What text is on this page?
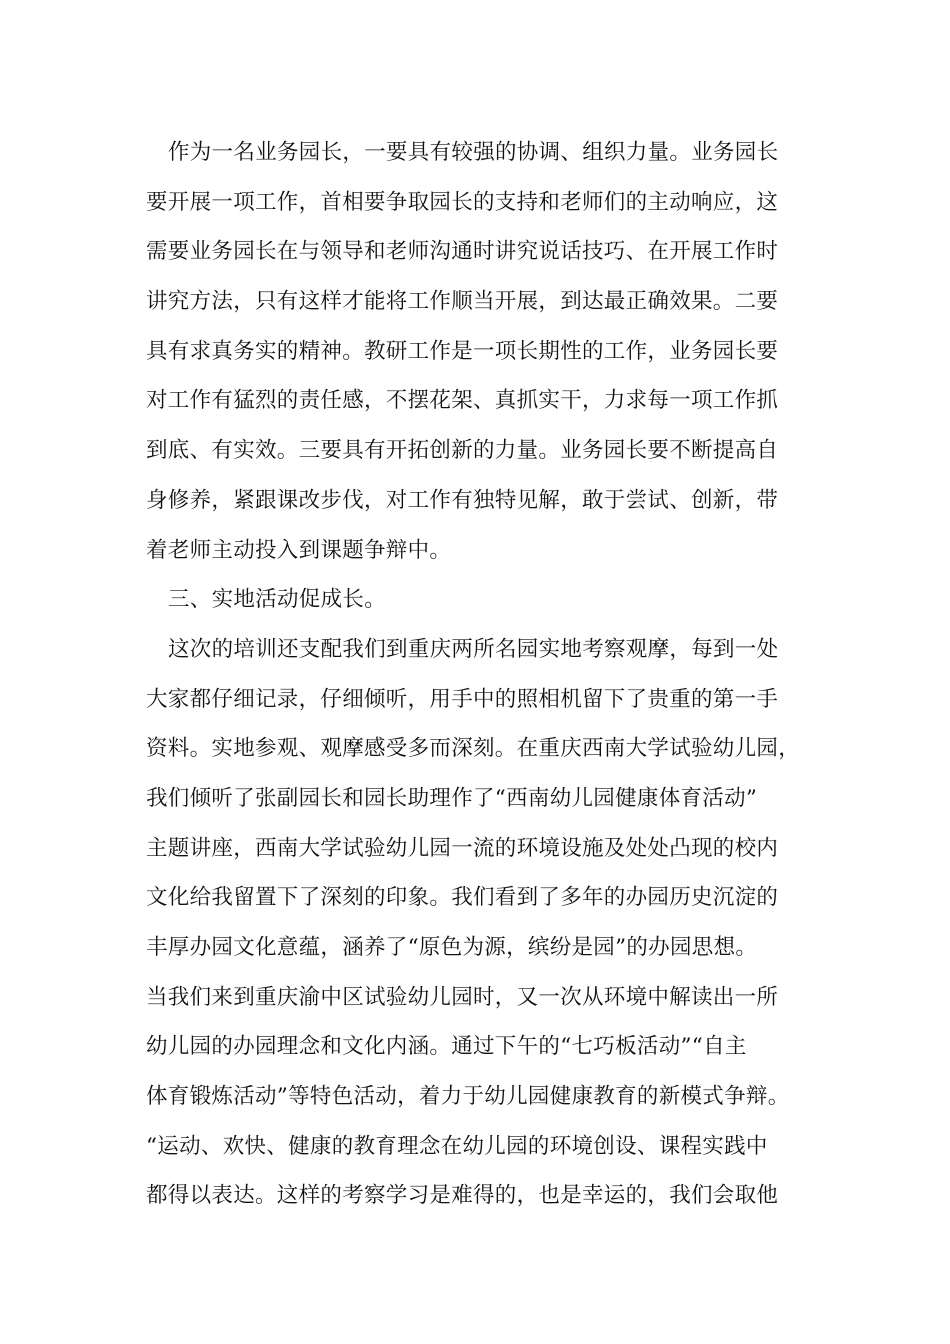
作为一名业务园长，一要具有较强的协调、组织力量。业务园长
要开展一项工作，首相要争取园长的支持和老师们的主动响应，这
需要业务园长在与领导和老师沟通时讲究说话技巧、在开展工作时
讲究方法，只有这样才能将工作顺当开展，到达最正确效果。二要
具有求真务实的精神。教研工作是一项长期性的工作，业务园长要
对工作有猛烈的责任感，不摆花架、真抓实干，力求每一项工作抓
到底、有实效。三要具有开拓创新的力量。业务园长要不断提高自
身修养，紧跟课改步伐，对工作有独特见解，敢于尝试、创新，带
着老师主动投入到课题争辩中。
三、实地活动促成长。
这次的培训还支配我们到重庆两所名园实地考察观摩，每到一处
大家都仔细记录，仔细倾听，用手中的照相机留下了贵重的第一手
资料。实地参观、观摩感受多而深刻。在重庆西南大学试验幼儿园，
我们倾听了张副园长和园长助理作了“西南幼儿园健康体育活动”
主题讲座，西南大学试验幼儿园一流的环境设施及处处凸现的校内
文化给我留置下了深刻的印象。我们看到了多年的办园历史沉淀的
丰厚办园文化意蕴，涵养了“原色为源，缤纷是园”的办园思想。
当我们来到重庆渝中区试验幼儿园时，又一次从环境中解读出一所
幼儿园的办园理念和文化内涵。通过下午的“七巧板活动”“自主
体育锻炼活动”等特色活动，着力于幼儿园健康教育的新模式争辩。
“运动、欢快、健康的教育理念在幼儿园的环境创设、课程实践中
都得以表达。这样的考察学习是难得的，也是幸运的，我们会取他
